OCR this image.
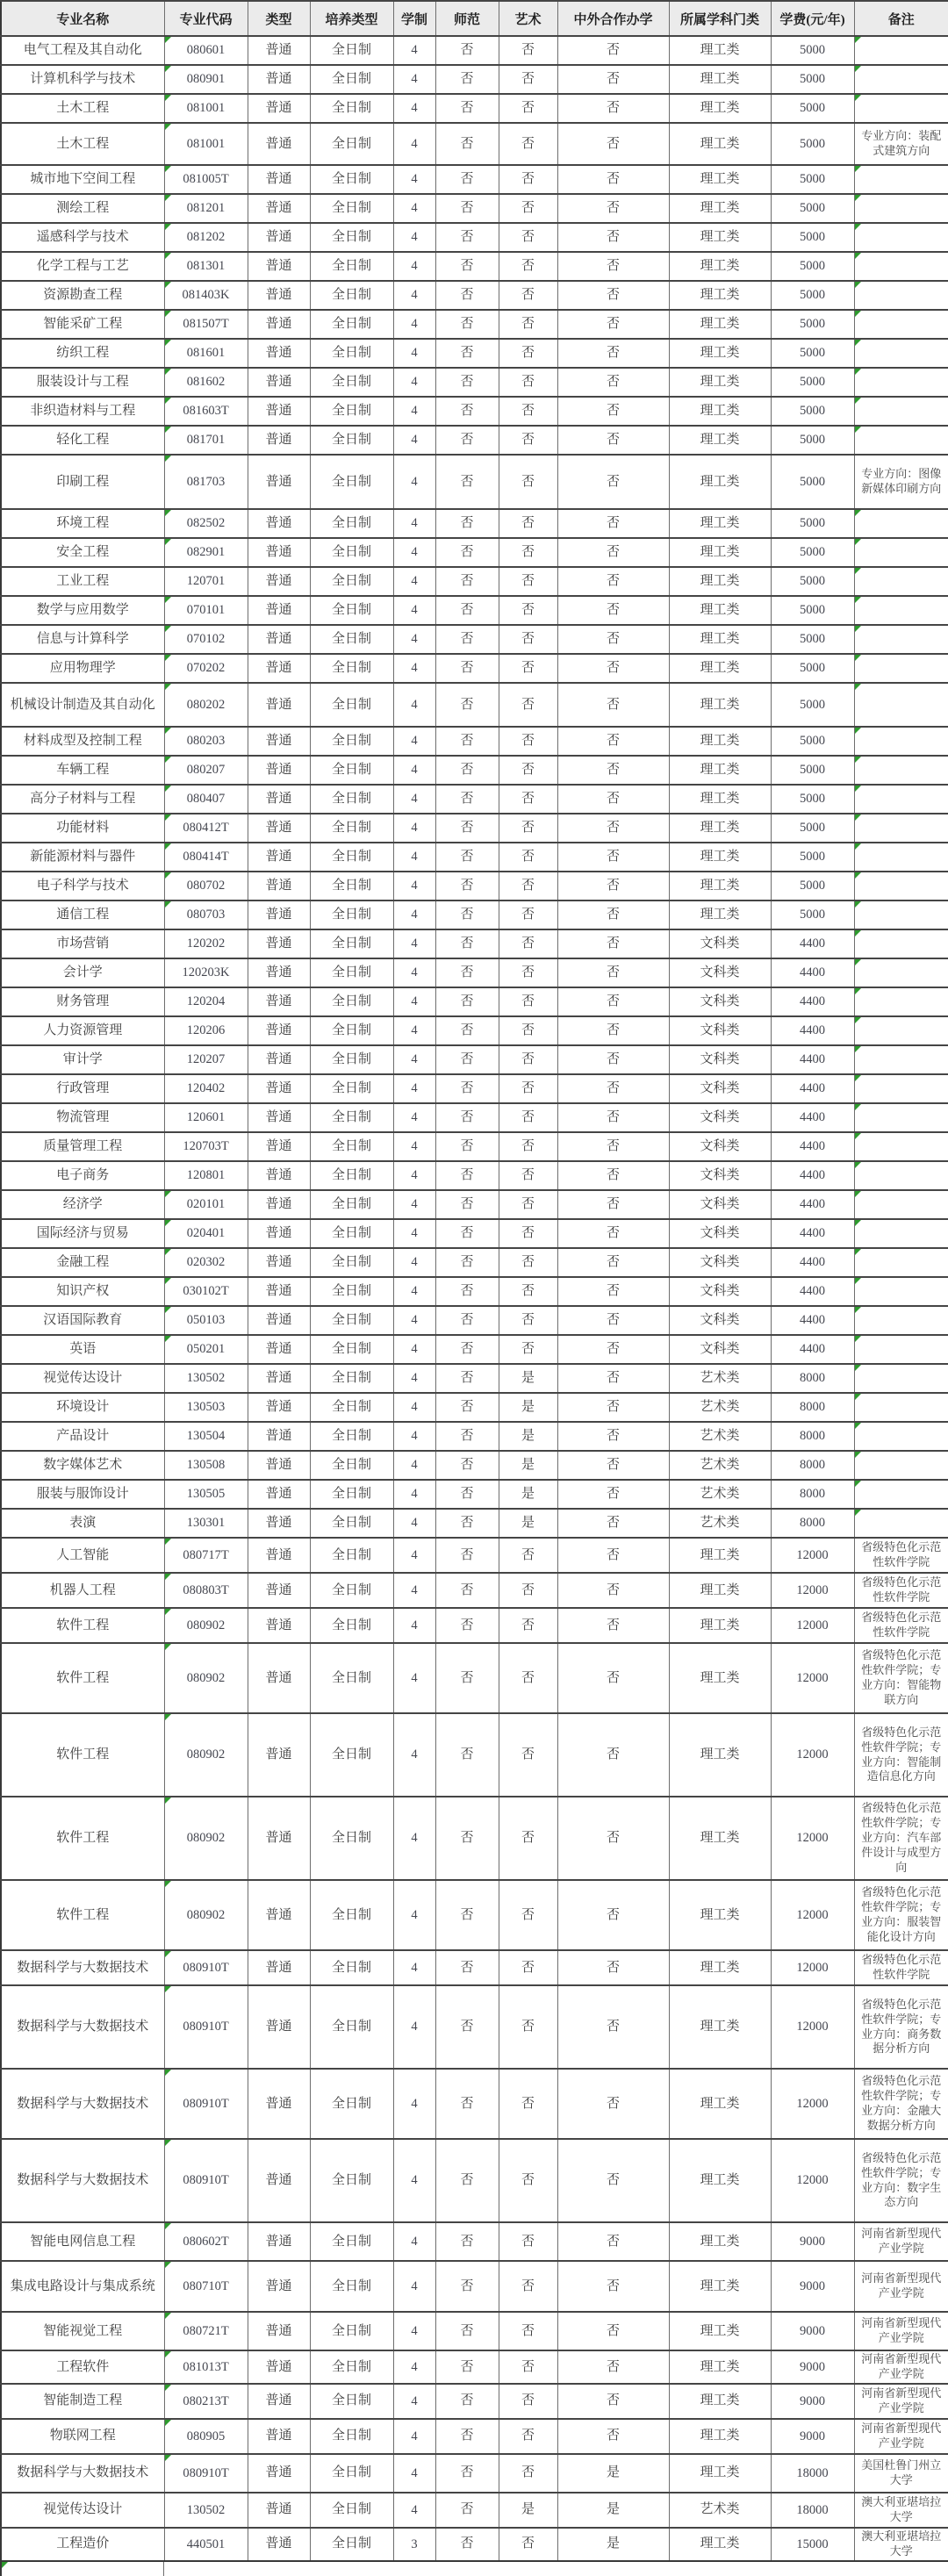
专业名称	专业代码	类型	培养类型	学制	师范	艺术	中外合作办学	所属学科门类	学费(元/年)	备注
电气工程及其自动化	080601	普通	全日制	4	否	否	否	理工类	5000	

计算机科学与技术	080901	普通	全日制	4	否	否	否	理工类	5000	

土木工程	081001	普通	全日制	4	否	否	否	理工类	5000	

土木工程	081001	普通	全日制	4	否	否	否	理工类	5000	专业方向：装配式建筑方向
城市地下空间工程	081005T	普通	全日制	4	否	否	否	理工类	5000	

测绘工程	081201	普通	全日制	4	否	否	否	理工类	5000	

遥感科学与技术	081202	普通	全日制	4	否	否	否	理工类	5000	

化学工程与工艺	081301	普通	全日制	4	否	否	否	理工类	5000	

资源勘查工程	081403K	普通	全日制	4	否	否	否	理工类	5000	

智能采矿工程	081507T	普通	全日制	4	否	否	否	理工类	5000	

纺织工程	081601	普通	全日制	4	否	否	否	理工类	5000	

服装设计与工程	081602	普通	全日制	4	否	否	否	理工类	5000	

非织造材料与工程	081603T	普通	全日制	4	否	否	否	理工类	5000	

轻化工程	081701	普通	全日制	4	否	否	否	理工类	5000	

印刷工程	081703	普通	全日制	4	否	否	否	理工类	5000	专业方向：图像新媒体印刷方向
环境工程	082502	普通	全日制	4	否	否	否	理工类	5000	

安全工程	082901	普通	全日制	4	否	否	否	理工类	5000	

工业工程	120701	普通	全日制	4	否	否	否	理工类	5000	

数学与应用数学	070101	普通	全日制	4	否	否	否	理工类	5000	

信息与计算科学	070102	普通	全日制	4	否	否	否	理工类	5000	

应用物理学	070202	普通	全日制	4	否	否	否	理工类	5000	

机械设计制造及其自动化	080202	普通	全日制	4	否	否	否	理工类	5000	

材料成型及控制工程	080203	普通	全日制	4	否	否	否	理工类	5000	

车辆工程	080207	普通	全日制	4	否	否	否	理工类	5000	

高分子材料与工程	080407	普通	全日制	4	否	否	否	理工类	5000	

功能材料	080412T	普通	全日制	4	否	否	否	理工类	5000	

新能源材料与器件	080414T	普通	全日制	4	否	否	否	理工类	5000	

电子科学与技术	080702	普通	全日制	4	否	否	否	理工类	5000	

通信工程	080703	普通	全日制	4	否	否	否	理工类	5000	

市场营销	120202	普通	全日制	4	否	否	否	文科类	4400	

会计学	120203K	普通	全日制	4	否	否	否	文科类	4400	

财务管理	120204	普通	全日制	4	否	否	否	文科类	4400	

人力资源管理	120206	普通	全日制	4	否	否	否	文科类	4400	

审计学	120207	普通	全日制	4	否	否	否	文科类	4400	

行政管理	120402	普通	全日制	4	否	否	否	文科类	4400	

物流管理	120601	普通	全日制	4	否	否	否	文科类	4400	

质量管理工程	120703T	普通	全日制	4	否	否	否	文科类	4400	

电子商务	120801	普通	全日制	4	否	否	否	文科类	4400	

经济学	020101	普通	全日制	4	否	否	否	文科类	4400	

国际经济与贸易	020401	普通	全日制	4	否	否	否	文科类	4400	

金融工程	020302	普通	全日制	4	否	否	否	文科类	4400	

知识产权	030102T	普通	全日制	4	否	否	否	文科类	4400	

汉语国际教育	050103	普通	全日制	4	否	否	否	文科类	4400	

英语	050201	普通	全日制	4	否	否	否	文科类	4400	

视觉传达设计	130502	普通	全日制	4	否	是	否	艺术类	8000	

环境设计	130503	普通	全日制	4	否	是	否	艺术类	8000	

产品设计	130504	普通	全日制	4	否	是	否	艺术类	8000	

数字媒体艺术	130508	普通	全日制	4	否	是	否	艺术类	8000	

服装与服饰设计	130505	普通	全日制	4	否	是	否	艺术类	8000	

表演	130301	普通	全日制	4	否	是	否	艺术类	8000	

人工智能	080717T	普通	全日制	4	否	否	否	理工类	12000	省级特色化示范性软件学院
机器人工程	080803T	普通	全日制	4	否	否	否	理工类	12000	省级特色化示范性软件学院
软件工程	080902	普通	全日制	4	否	否	否	理工类	12000	省级特色化示范性软件学院
软件工程	080902	普通	全日制	4	否	否	否	理工类	12000	省级特色化示范性软件学院；专业方向：智能物联方向
软件工程	080902	普通	全日制	4	否	否	否	理工类	12000	省级特色化示范性软件学院；专业方向：智能制造信息化方向
软件工程	080902	普通	全日制	4	否	否	否	理工类	12000	省级特色化示范性软件学院；专业方向：汽车部件设计与成型方向
软件工程	080902	普通	全日制	4	否	否	否	理工类	12000	省级特色化示范性软件学院；专业方向：服装智能化设计方向
数据科学与大数据技术	080910T	普通	全日制	4	否	否	否	理工类	12000	省级特色化示范性软件学院
数据科学与大数据技术	080910T	普通	全日制	4	否	否	否	理工类	12000	省级特色化示范性软件学院；专业方向：商务数据分析方向
数据科学与大数据技术	080910T	普通	全日制	4	否	否	否	理工类	12000	省级特色化示范性软件学院；专业方向：金融大数据分析方向
数据科学与大数据技术	080910T	普通	全日制	4	否	否	否	理工类	12000	省级特色化示范性软件学院；专业方向：数字生态方向
智能电网信息工程	080602T	普通	全日制	4	否	否	否	理工类	9000	河南省新型现代产业学院
集成电路设计与集成系统	080710T	普通	全日制	4	否	否	否	理工类	9000	河南省新型现代产业学院
智能视觉工程	080721T	普通	全日制	4	否	否	否	理工类	9000	河南省新型现代产业学院
工程软件	081013T	普通	全日制	4	否	否	否	理工类	9000	河南省新型现代产业学院
智能制造工程	080213T	普通	全日制	4	否	否	否	理工类	9000	河南省新型现代产业学院
物联网工程	080905	普通	全日制	4	否	否	否	理工类	9000	河南省新型现代产业学院
数据科学与大数据技术	080910T	普通	全日制	4	否	否	是	理工类	18000	美国杜鲁门州立大学
视觉传达设计	130502	普通	全日制	4	否	是	是	艺术类	18000	澳大利亚堪培拉大学
工程造价	440501	普通	全日制	3	否	否	是	理工类	15000	澳大利亚堪培拉大学
